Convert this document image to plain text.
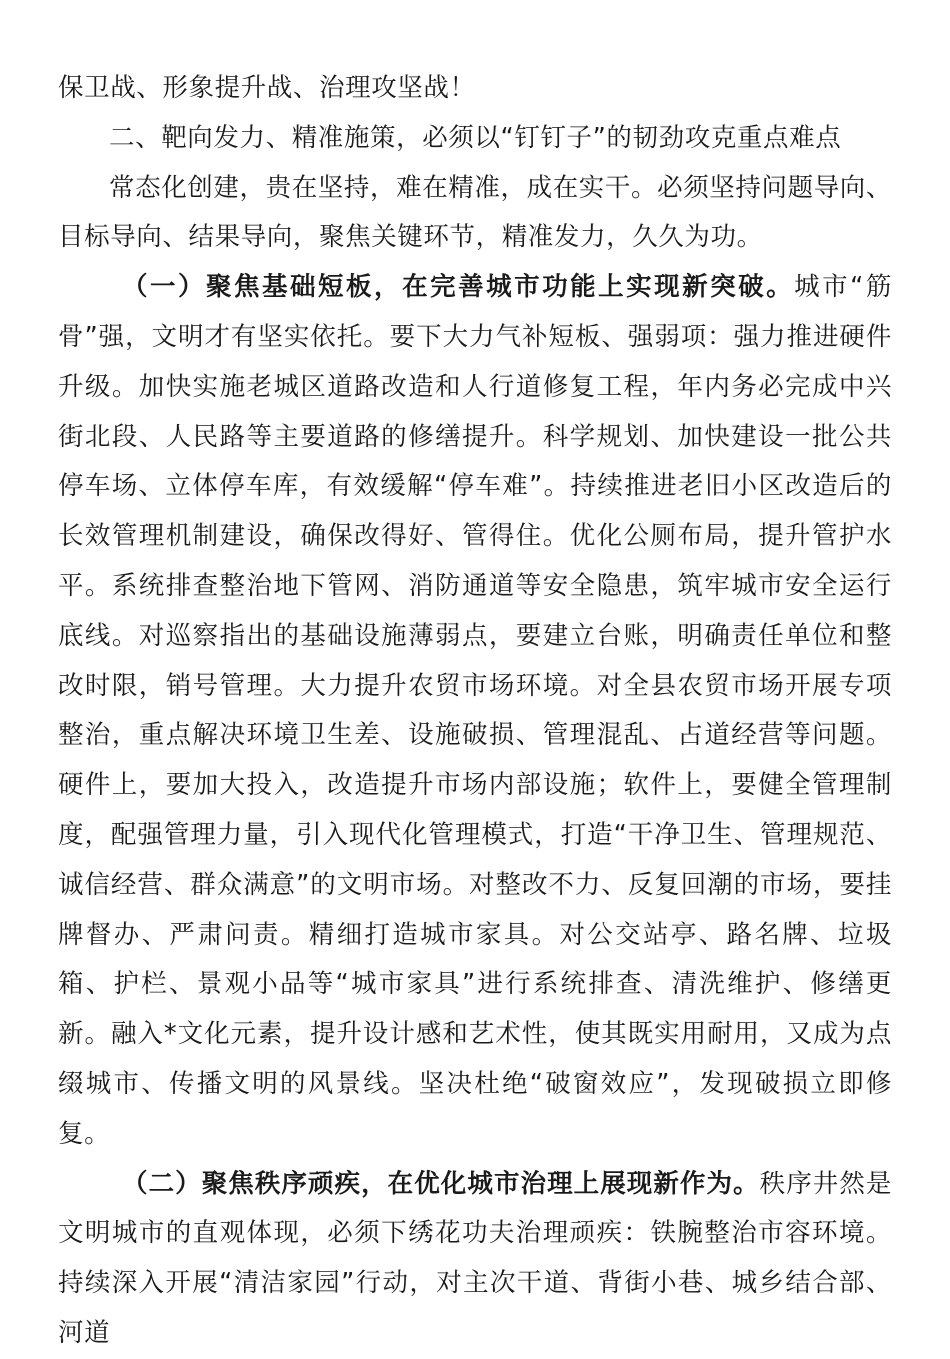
保卫战、形象提升战、治理攻坚战！

二、靶向发力、精准施策，必须以“钉钉子”的韧劲攻克重点难点

常态化创建，贵在坚持，难在精准，成在实干。必须坚持问题导向、目标导向、结果导向，聚焦关键环节，精准发力，久久为功。

（一）聚焦基础短板，在完善城市功能上实现新突破。城市“筋骨”强，文明才有坚实依托。要下大力气补短板、强弱项：强力推进硬件升级。加快实施老城区道路改造和人行道修复工程，年内务必完成中兴街北段、人民路等主要道路的修缮提升。科学规划、加快建设一批公共停车场、立体停车库，有效缓解“停车难”。持续推进老旧小区改造后的长效管理机制建设，确保改得好、管得住。优化公厕布局，提升管护水平。系统排查整治地下管网、消防通道等安全隐患，筑牢城市安全运行底线。对巡察指出的基础设施薄弱点，要建立台账，明确责任单位和整改时限，销号管理。大力提升农贸市场环境。对全县农贸市场开展专项整治，重点解决环境卫生差、设施破损、管理混乱、占道经营等问题。硬件上，要加大投入，改造提升市场内部设施；软件上，要健全管理制度，配强管理力量，引入现代化管理模式，打造“干净卫生、管理规范、诚信经营、群众满意”的文明市场。对整改不力、反复回潮的市场，要挂牌督办、严肃问责。精细打造城市家具。对公交站亭、路名牌、垃圾箱、护栏、景观小品等“城市家具”进行系统排查、清洗维护、修缮更新。融入*文化元素，提升设计感和艺术性，使其既实用耐用，又成为点缀城市、传播文明的风景线。坚决杜绝“破窗效应”，发现破损立即修复。

（二）聚焦秩序顽疾，在优化城市治理上展现新作为。秩序井然是文明城市的直观体现，必须下绣花功夫治理顽疾：铁腕整治市容环境。持续深入开展“清洁家园”行动，对主次干道、背街小巷、城乡结合部、河道
